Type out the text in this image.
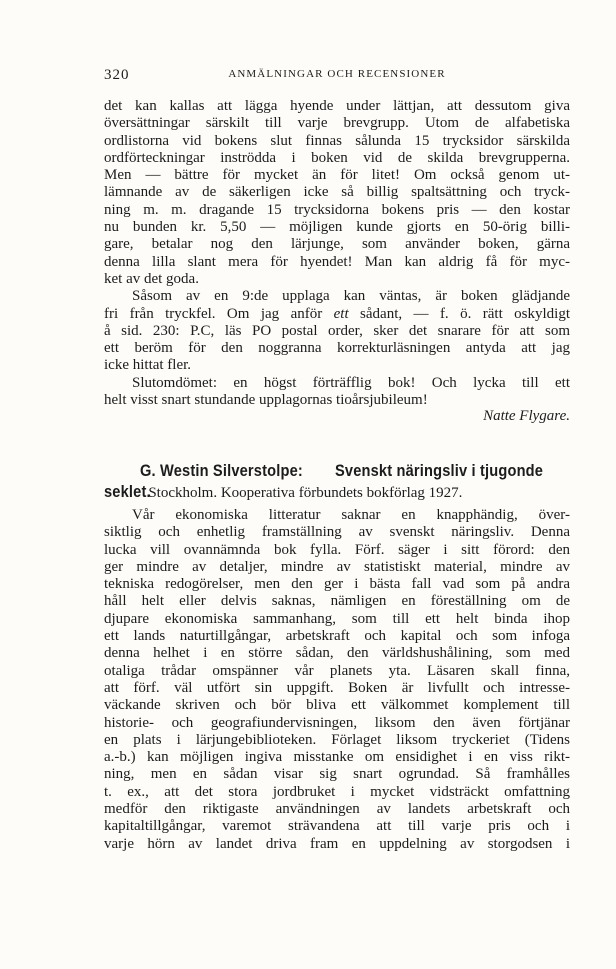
320	ANMÄLNINGAR OCH RECENSIONER
det kan kallas att lägga hyende under lättjan, att dessutom giva
översättningar särskilt till varje brevgrupp. Utom de alfabetiska
ordlistorna vid bokens slut finnas sålunda 15 trycksidor särskilda
ordförteckningar inströdda i boken vid de skilda brevgrupperna.
Men — bättre för mycket än för litet! Om också genom ut-
lämnande av de säkerligen icke så billig spaltsättning och tryck-
ning m. m. dragande 15 trycksidorna bokens pris — den kostar
nu bunden kr. 5,50 — möjligen kunde gjorts en 50-örig billi-
gare, betalar nog den lärjunge, som använder boken, gärna
denna lilla slant mera för hyendet! Man kan aldrig få för myc-
ket av det goda.
Såsom av en 9:de upplaga kan väntas, är boken glädjande
fri från tryckfel. Om jag anför ett sådant, — f. ö. rätt oskyldigt
å sid. 230: P.C, läs PO postal order, sker det snarare för att som
ett beröm för den noggranna korrekturläsningen antyda att jag
icke hittat fler.
Slutomdömet: en högst förträfflig bok! Och lycka till ett
helt visst snart stundande upplagornas tioårsjubileum!
Natte Flygare.
G. Westin Silverstolpe: Svenskt näringsliv i tjugonde
seklet.Stockholm. Kooperativa förbundets bokförlag 1927.
Vår ekonomiska litteratur saknar en knapphändig, över-
siktlig och enhetlig framställning av svenskt näringsliv. Denna
lucka vill ovannämnda bok fylla. Förf. säger i sitt förord: den
ger mindre av detaljer, mindre av statistiskt material, mindre av
tekniska redogörelser, men den ger i bästa fall vad som på andra
håll helt eller delvis saknas, nämligen en föreställning om de
djupare ekonomiska sammanhang, som till ett helt binda ihop
ett lands naturtillgångar, arbetskraft och kapital och som infoga
denna helhet i en större sådan, den världshushålining, som med
otaliga trådar omspänner vår planets yta. Läsaren skall finna,
att förf. väl utfört sin uppgift. Boken är livfullt och intresse-
väckande skriven och bör bliva ett välkommet komplement till
historie- och geografiundervisningen, liksom den även förtjänar
en plats i lärjungebiblioteken. Förlaget liksom tryckeriet (Tidens
a.-b.) kan möjligen ingiva misstanke om ensidighet i en viss rikt-
ning, men en sådan visar sig snart ogrundad. Så framhålles
t. ex., att det stora jordbruket i mycket vidsträckt omfattning
medför den riktigaste användningen av landets arbetskraft och
kapitaltillgångar, varemot strävandena att till varje pris och i
varje hörn av landet driva fram en uppdelning av storgodsen i
